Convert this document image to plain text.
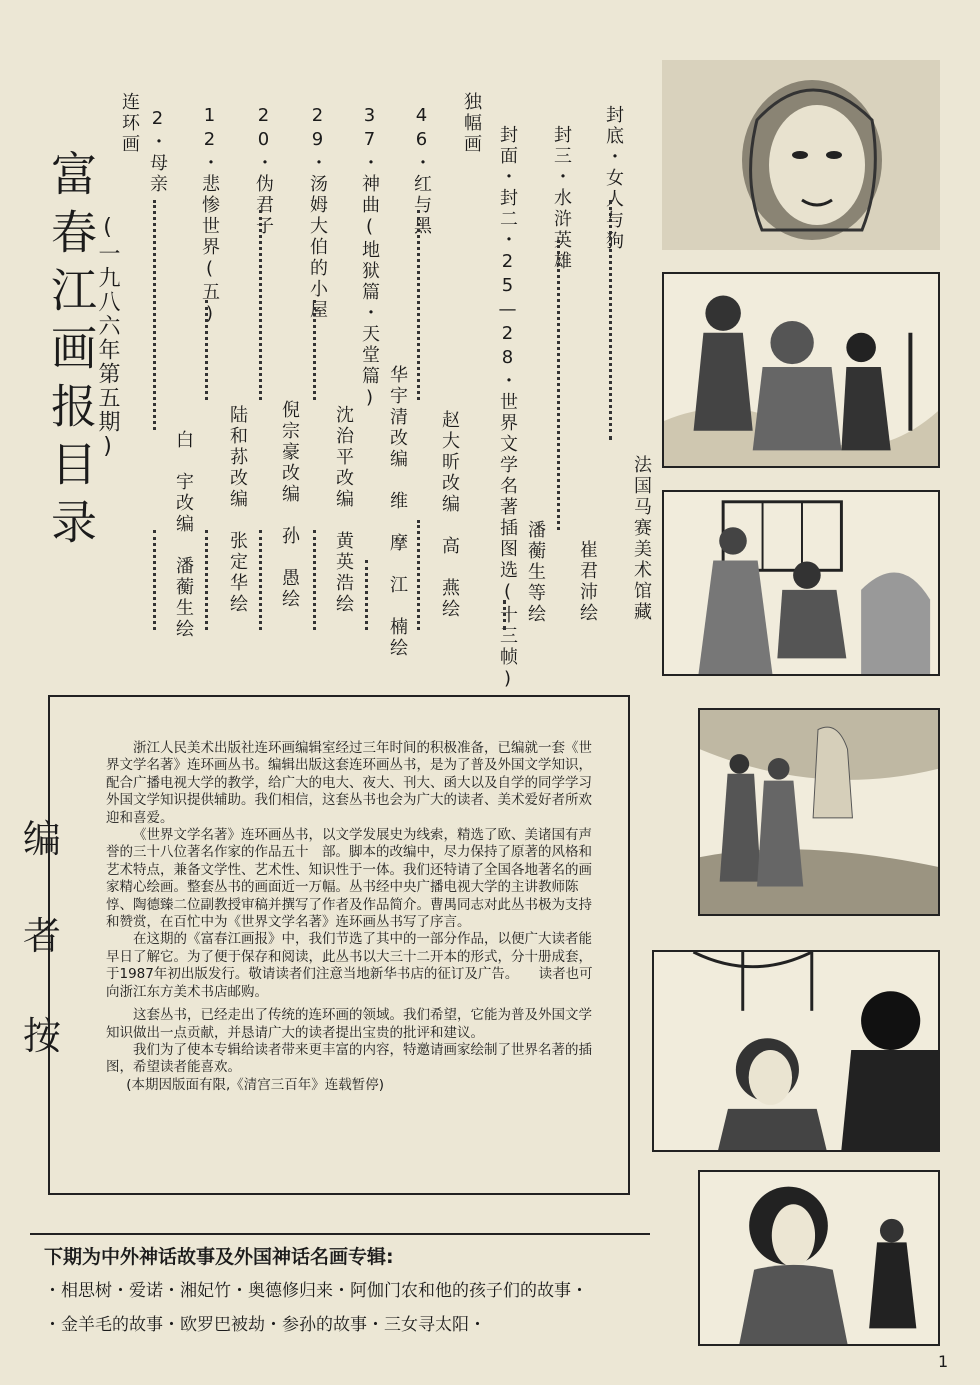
富春江画报目录
(一九八六年第五期)
连环画 2・母亲
白　宇改编　潘蘅生绘
12・悲惨世界(五)
陆和荪改编　张定华绘
20・伪君子
倪宗豪改编　孙　愚绘
29・汤姆大伯的小屋
沈治平改编　黄英浩绘
37・神曲(地狱篇・天堂篇)
华宇清改编　维　摩　江　楠绘
46・红与黑
赵大昕改编　高　燕绘
独幅画
封面・封二・25—28・世界文学名著插图选(十三帧) 潘蘅生等绘
封三・水浒英雄
崔君沛绘
封底・女人与狗
法国马赛美术馆藏
编
者
按

浙江人民美术出版社连环画编辑室经过三年时间的积极准备，已编就一套《世界文学名著》连环画丛书。编辑出版这套连环画丛书，是为了普及外国文学知识，配合广播电视大学的教学，给广大的电大、夜大、刊大、函大以及自学的同学学习外国文学知识提供辅助。我们相信，这套丛书也会为广大的读者、美术爱好者所欢迎和喜爱。

《世界文学名著》连环画丛书，以文学发展史为线索，精选了欧、美诸国有声誉的三十八位著名作家的作品五十　部。脚本的改编中，尽力保持了原著的风格和艺术特点，兼备文学性、艺术性、知识性于一体。我们还特请了全国各地著名的画家精心绘画。整套丛书的画面近一万幅。丛书经中央广播电视大学的主讲教师陈惇、陶德臻二位副教授审稿并撰写了作者及作品简介。曹禺同志对此丛书极为支持和赞赏，在百忙中为《世界文学名著》连环画丛书写了序言。

在这期的《富春江画报》中，我们节选了其中的一部分作品，以便广大读者能早日了解它。为了便于保存和阅读，此丛书以大三十二开本的形式，分十册成套，于1987年初出版发行。敬请读者们注意当地新华书店的征订及广告。　　读者也可向浙江东方美术书店邮购。

这套丛书，已经走出了传统的连环画的领域。我们希望，它能为普及外国文学知识做出一点贡献，并恳请广大的读者提出宝贵的批评和建议。

我们为了使本专辑给读者带来更丰富的内容，特邀请画家绘制了世界名著的插图，希望读者能喜欢。

(本期因版面有限,《清宫三百年》连载暂停)

下期为中外神话故事及外国神话名画专辑:
・相思树・爱诺・湘妃竹・奥德修归来・阿伽门农和他的孩子们的故事・
・金羊毛的故事・欧罗巴被劫・参孙的故事・三女寻太阳・
1
